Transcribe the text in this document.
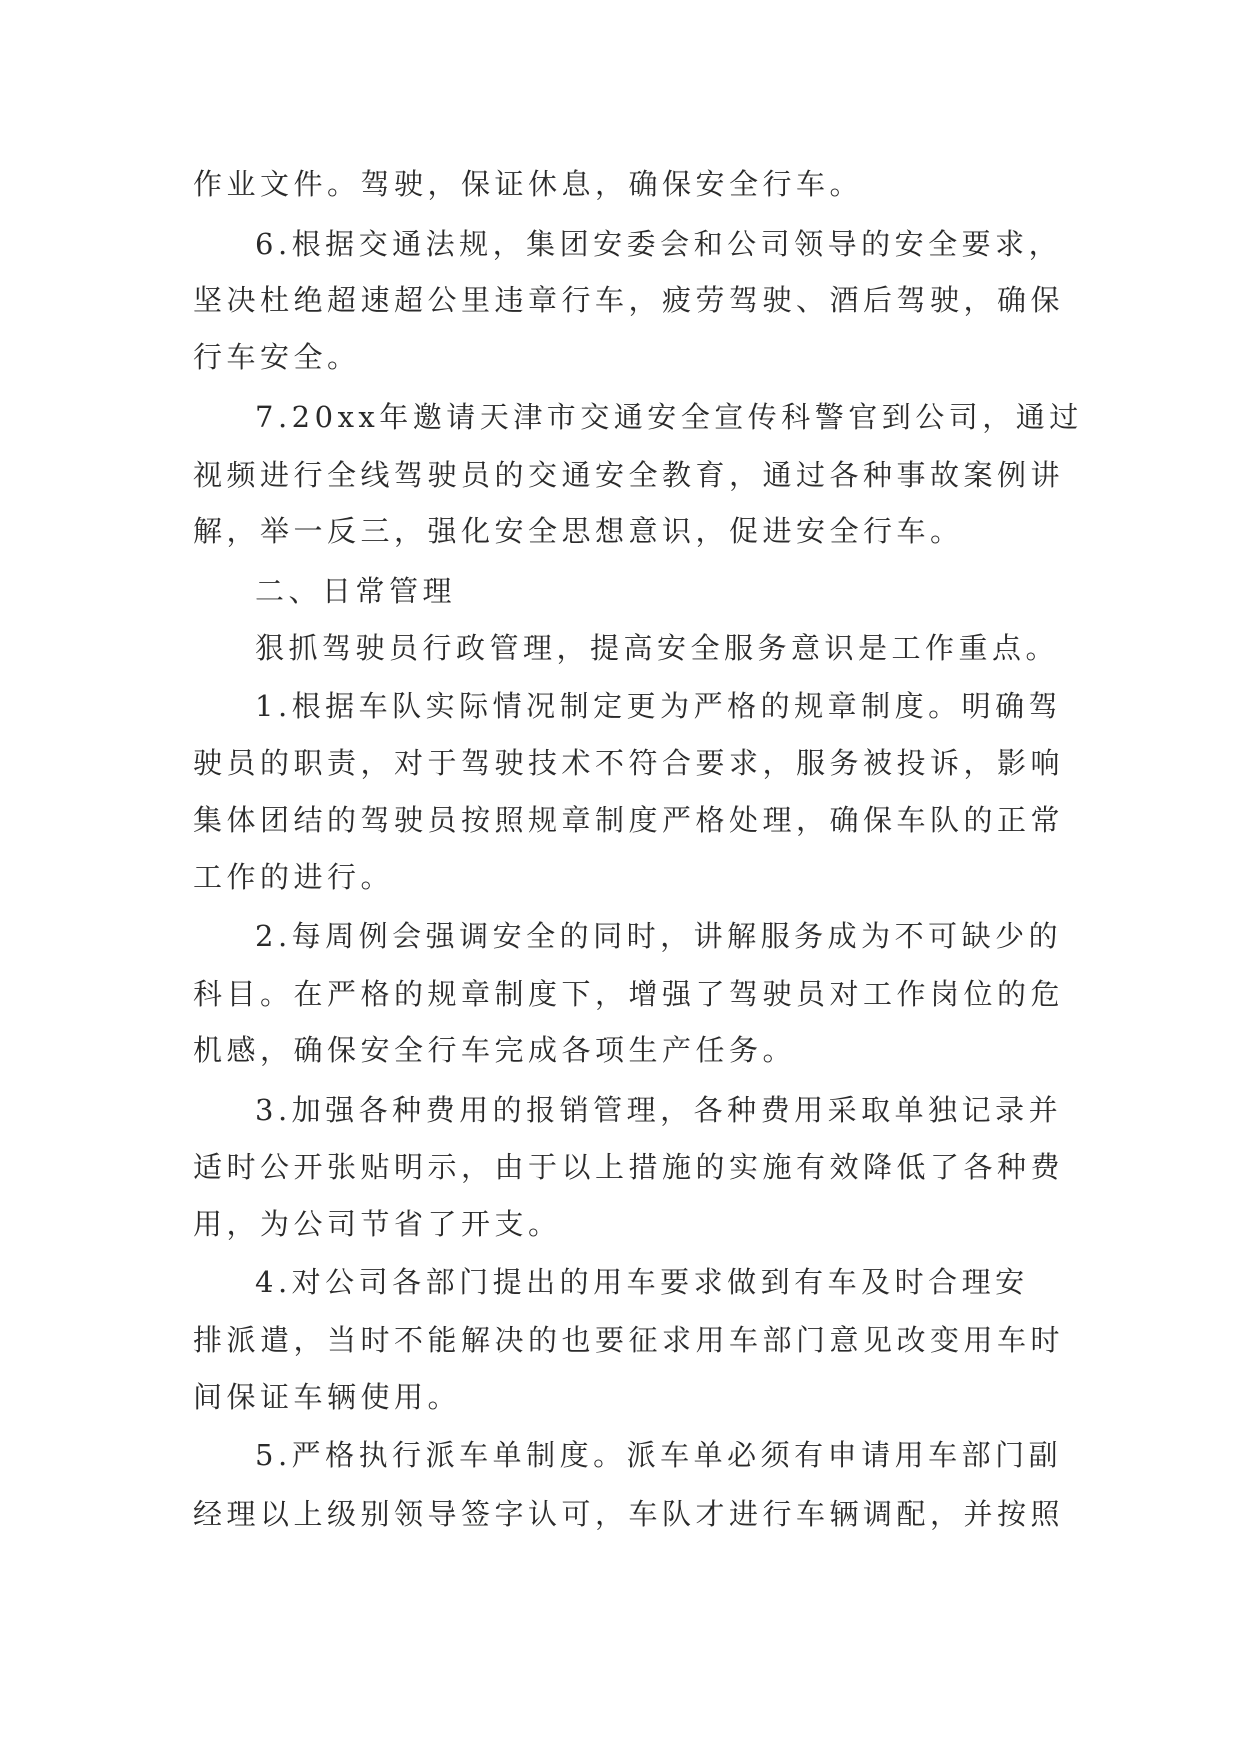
作业文件。驾驶，保证休息，确保安全行车。
6.根据交通法规，集团安委会和公司领导的安全要求，
坚决杜绝超速超公里违章行车，疲劳驾驶、酒后驾驶，确保
行车安全。
7.20xx年邀请天津市交通安全宣传科警官到公司，通过
视频进行全线驾驶员的交通安全教育，通过各种事故案例讲
解，举一反三，强化安全思想意识，促进安全行车。
二、日常管理
狠抓驾驶员行政管理，提高安全服务意识是工作重点。
1.根据车队实际情况制定更为严格的规章制度。明确驾
驶员的职责，对于驾驶技术不符合要求，服务被投诉，影响
集体团结的驾驶员按照规章制度严格处理，确保车队的正常
工作的进行。
2.每周例会强调安全的同时，讲解服务成为不可缺少的
科目。在严格的规章制度下，增强了驾驶员对工作岗位的危
机感，确保安全行车完成各项生产任务。
3.加强各种费用的报销管理，各种费用采取单独记录并
适时公开张贴明示，由于以上措施的实施有效降低了各种费
用，为公司节省了开支。
4.对公司各部门提出的用车要求做到有车及时合理安
排派遣，当时不能解决的也要征求用车部门意见改变用车时
间保证车辆使用。
5.严格执行派车单制度。派车单必须有申请用车部门副
经理以上级别领导签字认可，车队才进行车辆调配，并按照
